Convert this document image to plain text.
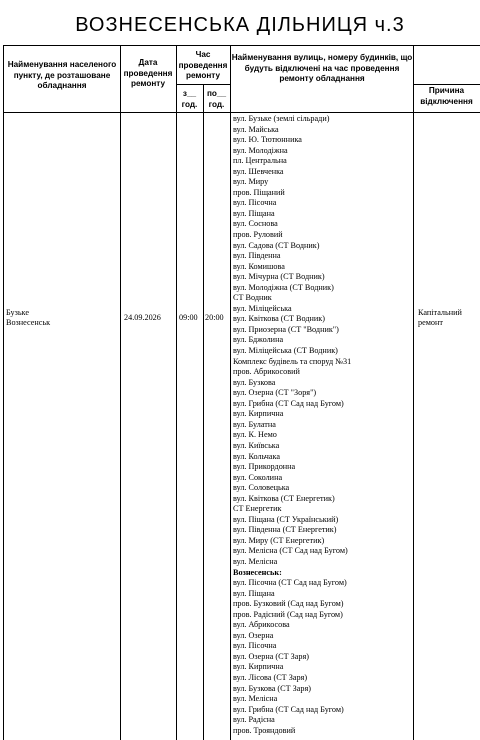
ВОЗНЕСЕНСЬКА ДІЛЬНИЦЯ ч.3
Найменування населеного пункту, де розташоване обладнання
Дата проведення ремонту
Час проведення ремонту
з__ год.
по__ год.
Найменування вулиць, номеру будинків, що будуть відключені на час проведення ремонту обладнання
Причина відключення
Бузьке
Вознесенськ
24.09.2026 09:00 20:00
Капітальний
ремонт
вул. Бузьке (землі сільради)
вул. Майська
вул. Ю. Тютюнника
вул. Молодіжна
пл. Центральна
вул. Шевченка
вул. Миру
пров. Піщаний
вул. Пісочна
вул. Піщана
вул. Соснова
пров. Руловий
вул. Садова (СТ Водник)
вул. Південна
вул. Комишова
вул. Мічурна (СТ Водник)
вул. Молодіжна (СТ Водник)
СТ Водник
вул. Міліцейська
вул. Квіткова (СТ Водник)
вул. Приозерна (СТ "Водник")
вул. Бджолина
вул. Міліцейська (СТ Водник)
Комплекс будівель та споруд №31
пров. Абрикосовий
вул. Бузкова
вул. Озерна (СТ "Зоря")
вул. Грибна (СТ Сад над Бугом)
вул. Кирпична
вул. Булатна
вул. К. Немо
вул. Київська
вул. Кольчака
вул. Прикордонна
вул. Соколина
вул. Соловецька
вул. Квіткова (СТ Енергетик)
СТ Енергетик
вул. Піщана (СТ Український)
вул. Південна (СТ Енергетик)
вул. Миру (СТ Енергетик)
вул. Мелісна (СТ Сад над Бугом)
вул. Мелісна
Вознесенськ:
вул. Пісочна (СТ Сад над Бугом)
вул. Піщана
пров. Бузковий (Сад над Бугом)
пров. Радісний (Сад над Бугом)
вул. Абрикосова
вул. Озерна
вул. Пісочна
вул. Озерна (СТ Заря)
вул. Кирпична
вул. Лісова (СТ Заря)
вул. Бузкова (СТ Заря)
вул. Мелісна
вул. Грибна (СТ Сад над Бугом)
вул. Радісна
пров. Трояндовий
